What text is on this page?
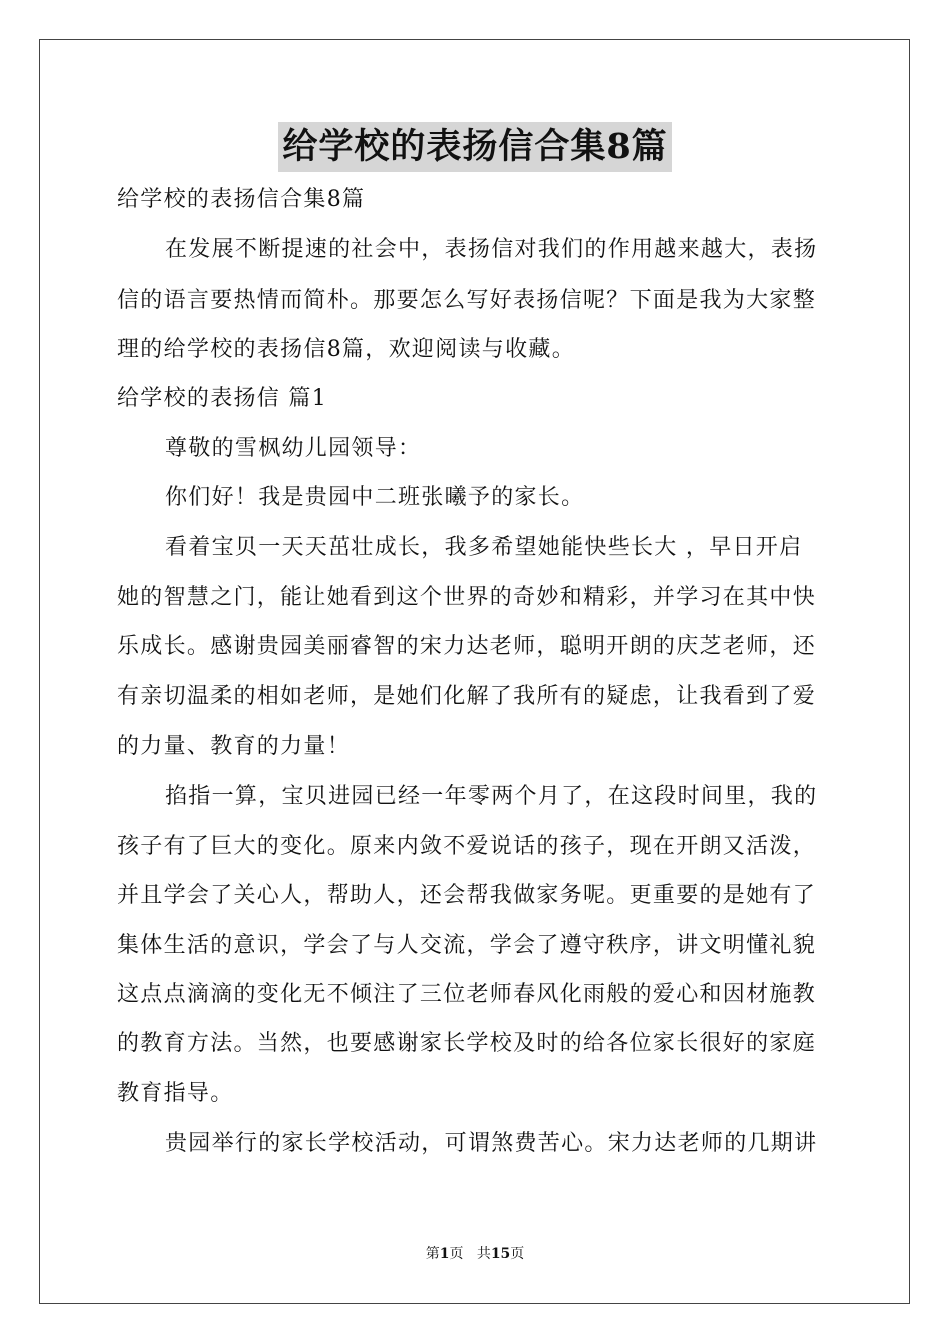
给学校的表扬信合集8篇
给学校的表扬信合集8篇
在发展不断提速的社会中，表扬信对我们的作用越来越大，表扬
信的语言要热情而简朴。那要怎么写好表扬信呢？下面是我为大家整
理的给学校的表扬信8篇，欢迎阅读与收藏。
给学校的表扬信 篇1
尊敬的雪枫幼儿园领导：
你们好！我是贵园中二班张曦予的家长。
看着宝贝一天天茁壮成长，我多希望她能快些长大 ，早日开启
她的智慧之门，能让她看到这个世界的奇妙和精彩，并学习在其中快
乐成长。感谢贵园美丽睿智的宋力达老师，聪明开朗的庆芝老师，还
有亲切温柔的相如老师，是她们化解了我所有的疑虑，让我看到了爱
的力量、教育的力量！
掐指一算，宝贝进园已经一年零两个月了，在这段时间里，我的
孩子有了巨大的变化。原来内敛不爱说话的孩子，现在开朗又活泼，
并且学会了关心人，帮助人，还会帮我做家务呢。更重要的是她有了
集体生活的意识，学会了与人交流，学会了遵守秩序，讲文明懂礼貌
这点点滴滴的变化无不倾注了三位老师春风化雨般的爱心和因材施教
的教育方法。当然，也要感谢家长学校及时的给各位家长很好的家庭
教育指导。
贵园举行的家长学校活动，可谓煞费苦心。宋力达老师的几期讲
第1页 共15页
